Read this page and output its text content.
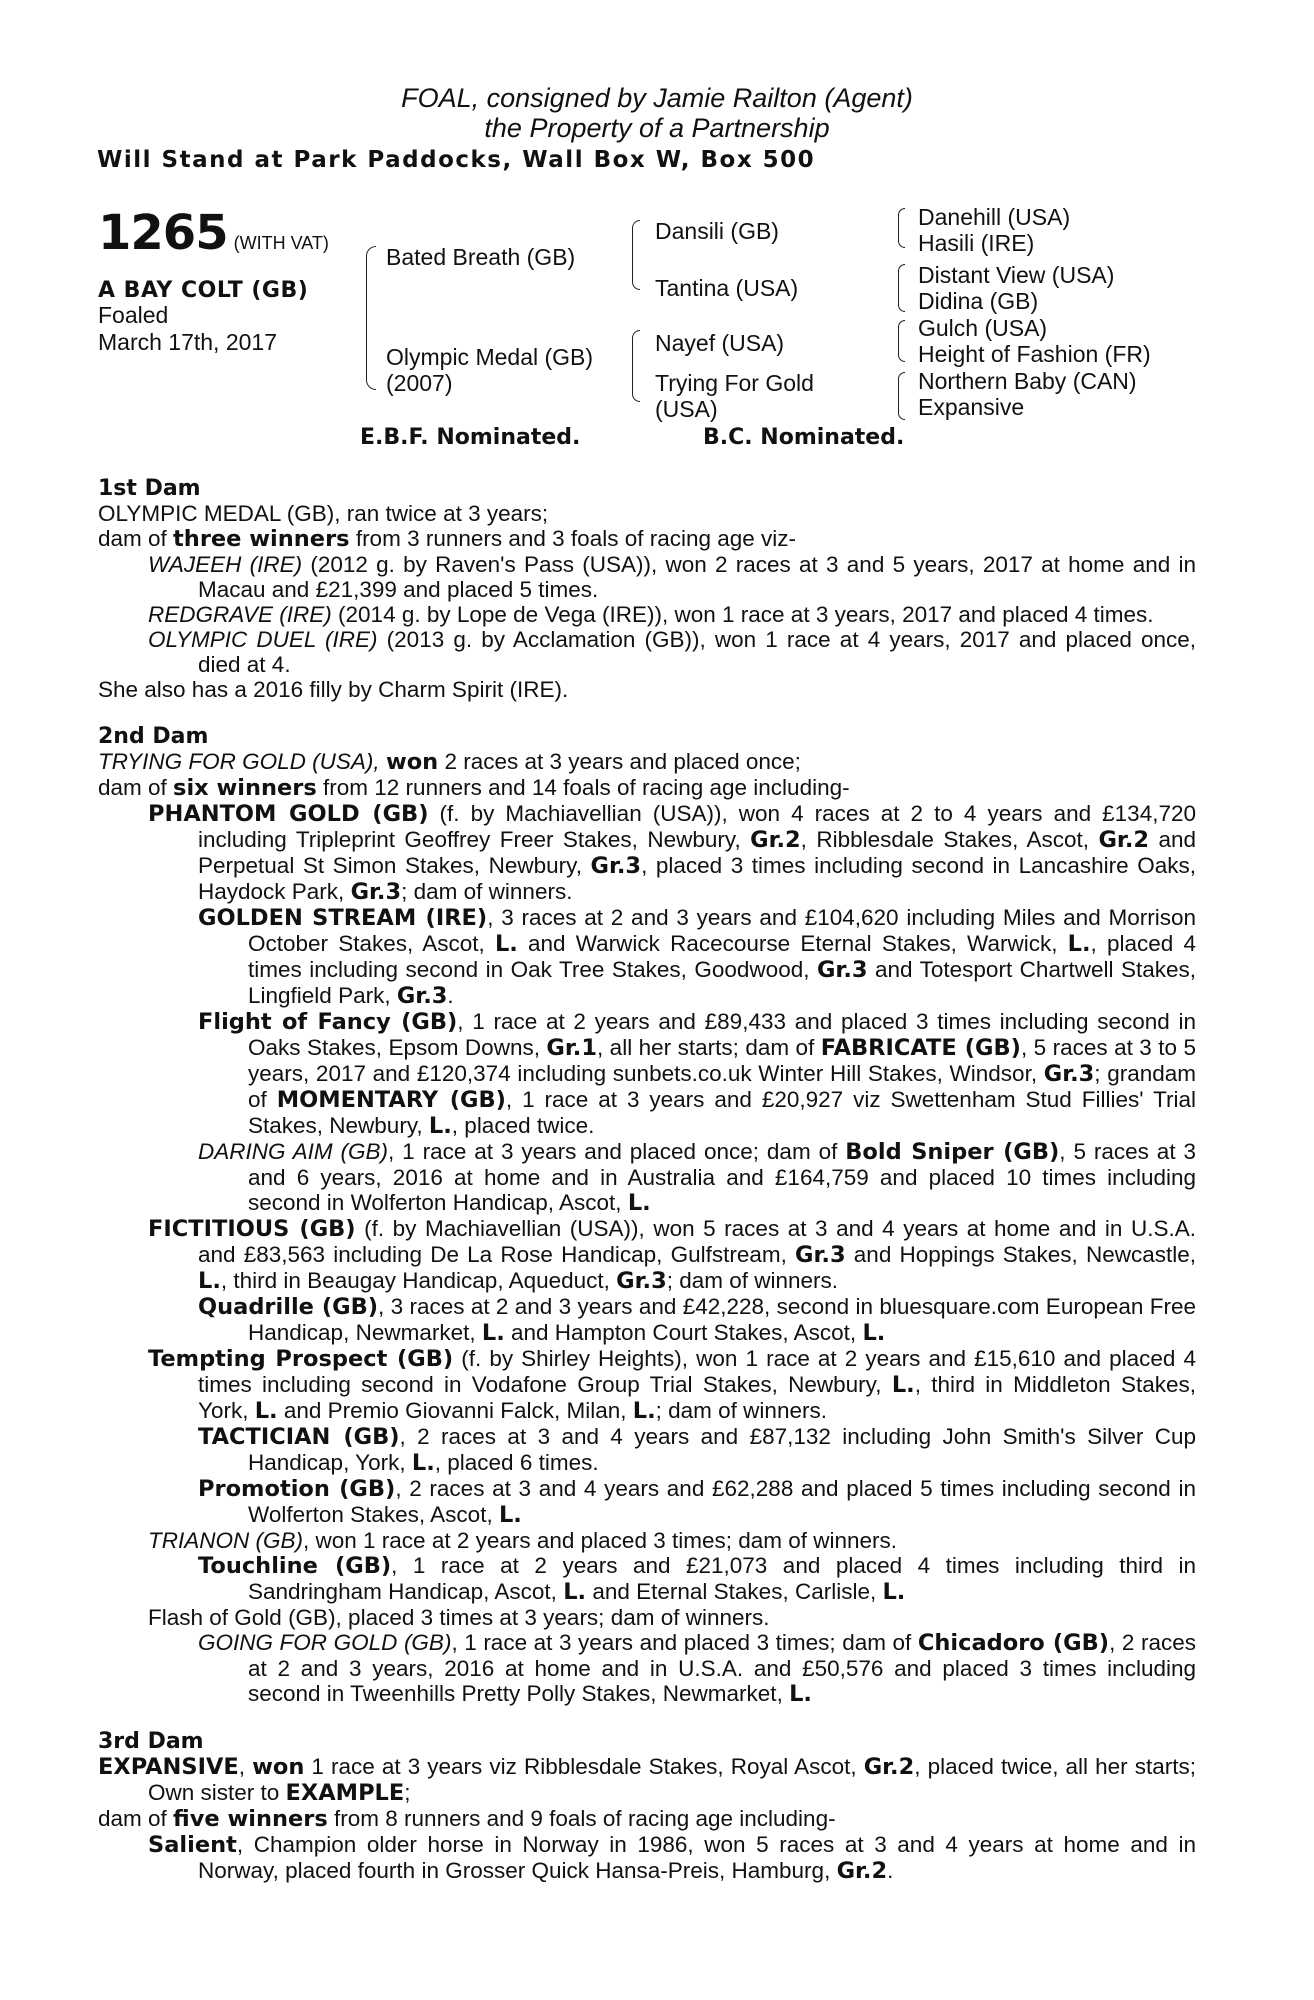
FOAL, consigned by Jamie Railton (Agent)
the Property of a Partnership
Will Stand at Park Paddocks, Wall Box W, Box 500
1265 (WITH VAT)
A BAY COLT (GB)
Foaled
March 17th, 2017
Bated Breath (GB)
Olympic Medal (GB)
(2007)
Dansili (GB)
Tantina (USA)
Nayef (USA)
Trying For Gold
(USA)
Danehill (USA)
Hasili (IRE)
Distant View (USA)
Didina (GB)
Gulch (USA)
Height of Fashion (FR)
Northern Baby (CAN)
Expansive
E.B.F. Nominated.	B.C. Nominated.
1st Dam
OLYMPIC MEDAL (GB), ran twice at 3 years;
dam of three winners from 3 runners and 3 foals of racing age viz-
WAJEEH (IRE) (2012 g. by Raven's Pass (USA)), won 2 races at 3 and 5 years, 2017 at home and in Macau and £21,399 and placed 5 times.
REDGRAVE (IRE) (2014 g. by Lope de Vega (IRE)), won 1 race at 3 years, 2017 and placed 4 times.
OLYMPIC DUEL (IRE) (2013 g. by Acclamation (GB)), won 1 race at 4 years, 2017 and placed once, died at 4.
She also has a 2016 filly by Charm Spirit (IRE).
2nd Dam
TRYING FOR GOLD (USA), won 2 races at 3 years and placed once;
dam of six winners from 12 runners and 14 foals of racing age including-
PHANTOM GOLD (GB) (f. by Machiavellian (USA)), won 4 races at 2 to 4 years and £134,720 including Tripleprint Geoffrey Freer Stakes, Newbury, Gr.2, Ribblesdale Stakes, Ascot, Gr.2 and Perpetual St Simon Stakes, Newbury, Gr.3, placed 3 times including second in Lancashire Oaks, Haydock Park, Gr.3; dam of winners.
GOLDEN STREAM (IRE), 3 races at 2 and 3 years and £104,620 including Miles and Morrison October Stakes, Ascot, L. and Warwick Racecourse Eternal Stakes, Warwick, L., placed 4 times including second in Oak Tree Stakes, Goodwood, Gr.3 and Totesport Chartwell Stakes, Lingfield Park, Gr.3.
Flight of Fancy (GB), 1 race at 2 years and £89,433 and placed 3 times including second in Oaks Stakes, Epsom Downs, Gr.1, all her starts; dam of FABRICATE (GB), 5 races at 3 to 5 years, 2017 and £120,374 including sunbets.co.uk Winter Hill Stakes, Windsor, Gr.3; grandam of MOMENTARY (GB), 1 race at 3 years and £20,927 viz Swettenham Stud Fillies' Trial Stakes, Newbury, L., placed twice.
DARING AIM (GB), 1 race at 3 years and placed once; dam of Bold Sniper (GB), 5 races at 3 and 6 years, 2016 at home and in Australia and £164,759 and placed 10 times including second in Wolferton Handicap, Ascot, L.
FICTITIOUS (GB) (f. by Machiavellian (USA)), won 5 races at 3 and 4 years at home and in U.S.A. and £83,563 including De La Rose Handicap, Gulfstream, Gr.3 and Hoppings Stakes, Newcastle, L., third in Beaugay Handicap, Aqueduct, Gr.3; dam of winners.
Quadrille (GB), 3 races at 2 and 3 years and £42,228, second in bluesquare.com European Free Handicap, Newmarket, L. and Hampton Court Stakes, Ascot, L.
Tempting Prospect (GB) (f. by Shirley Heights), won 1 race at 2 years and £15,610 and placed 4 times including second in Vodafone Group Trial Stakes, Newbury, L., third in Middleton Stakes, York, L. and Premio Giovanni Falck, Milan, L.; dam of winners.
TACTICIAN (GB), 2 races at 3 and 4 years and £87,132 including John Smith's Silver Cup Handicap, York, L., placed 6 times.
Promotion (GB), 2 races at 3 and 4 years and £62,288 and placed 5 times including second in Wolferton Stakes, Ascot, L.
TRIANON (GB), won 1 race at 2 years and placed 3 times; dam of winners.
Touchline (GB), 1 race at 2 years and £21,073 and placed 4 times including third in Sandringham Handicap, Ascot, L. and Eternal Stakes, Carlisle, L.
Flash of Gold (GB), placed 3 times at 3 years; dam of winners.
GOING FOR GOLD (GB), 1 race at 3 years and placed 3 times; dam of Chicadoro (GB), 2 races at 2 and 3 years, 2016 at home and in U.S.A. and £50,576 and placed 3 times including second in Tweenhills Pretty Polly Stakes, Newmarket, L.
3rd Dam
EXPANSIVE, won 1 race at 3 years viz Ribblesdale Stakes, Royal Ascot, Gr.2, placed twice, all her starts; Own sister to EXAMPLE;
dam of five winners from 8 runners and 9 foals of racing age including-
Salient, Champion older horse in Norway in 1986, won 5 races at 3 and 4 years at home and in Norway, placed fourth in Grosser Quick Hansa-Preis, Hamburg, Gr.2.
